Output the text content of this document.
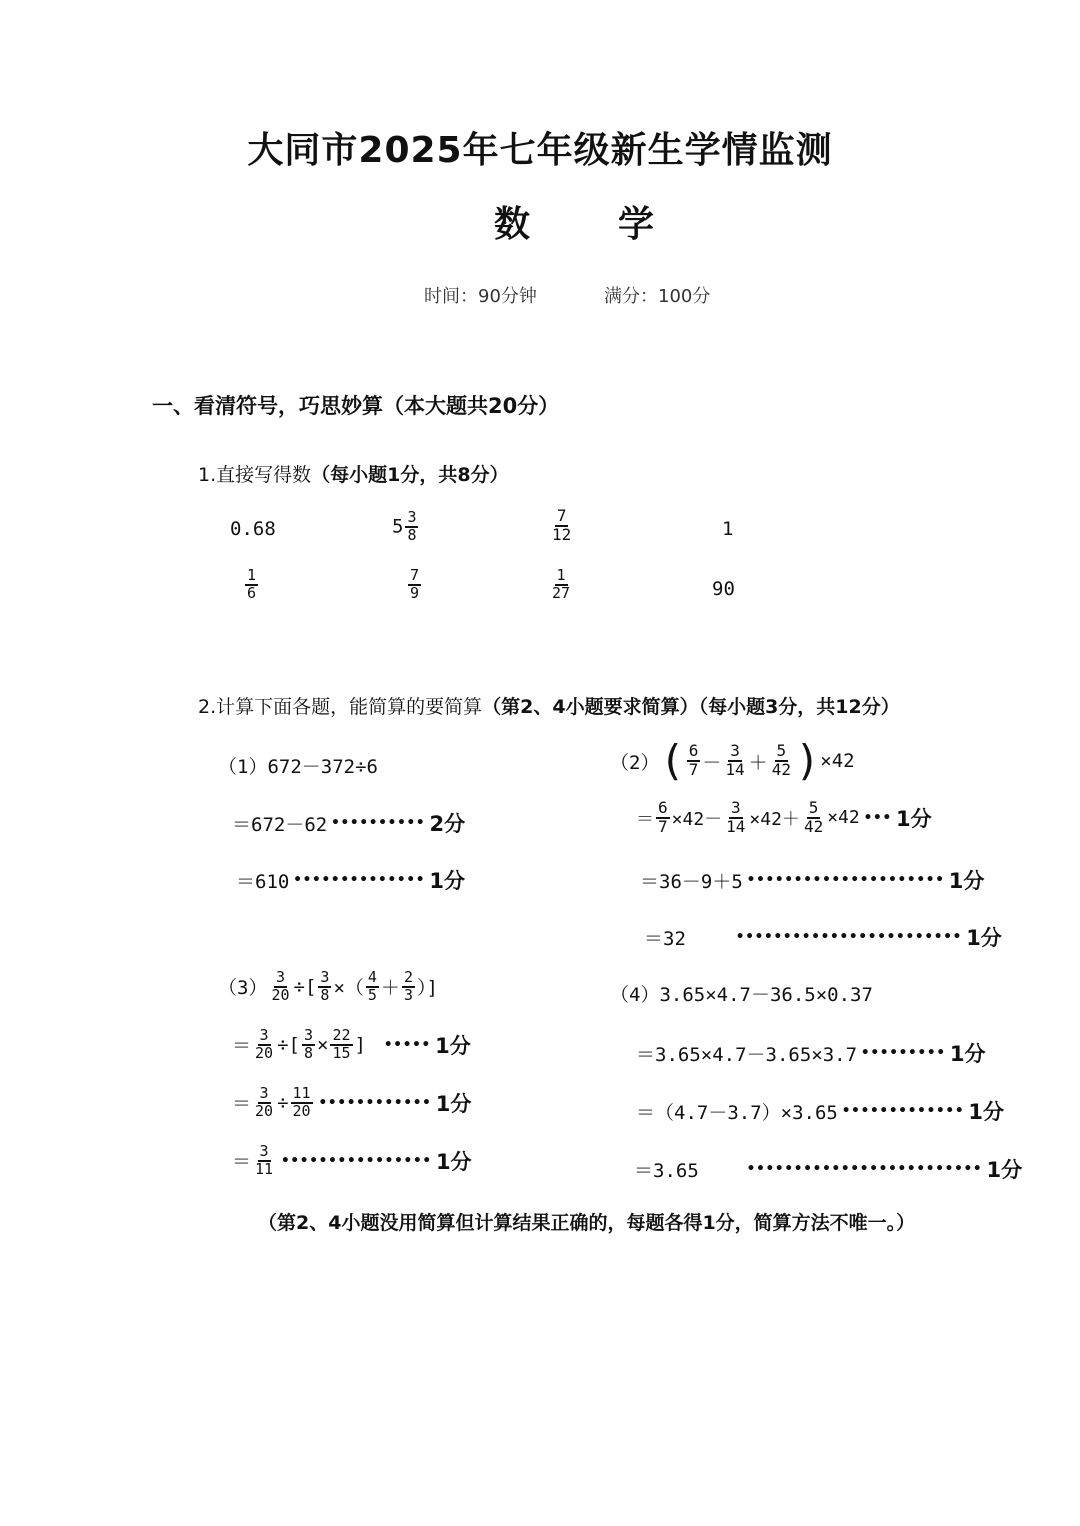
大同市2025年七年级新生学情监测
数 学
时间：90分钟	满分：100分
一、看清符号，巧思妙算（本大题共20分）
1.直接写得数（每小题1分，共8分）
0.68	$5 \frac{3}{8}$	$\frac{7}{12}$	1
$\frac{1}{6}$	$\frac{7}{9}$	$\frac{1}{27}$	90
2.计算下面各题，能简算的要简算（第2、4小题要求简算）（每小题3分，共12分）
（1）672－372÷6
＝672－62 •••••••••• 2分
＝610 •••••••••••••• 1分
（2） ( $\frac{6}{7} - \frac{3}{14} + \frac{5}{42}$ ) ×42
＝ $\frac{6}{7} \times 42- \frac{3}{14} \times 42+ \frac{5}{42} \times 42$ ••• 1分
＝36－9＋5 ••••••••••••••••••••• 1分
＝32	•••••••••••••••••••••••• 1分
$(3) \frac{3}{20}$ ÷[ $\frac{3}{8}$ ×（ $\frac{4}{5} + \frac{2}{3}$ ）]
＝ $\frac{3}{20}$ ÷[ $\frac{3}{8} \times \frac{22}{15}$ ] ••••• 1分
＝ $\frac{3}{20} \div \frac{11}{20}$ •••••••••••• 1分
＝ $\frac{3}{11}$ •••••••••••••••• 1分
（4）3.65×4.7－36.5×0.37
＝3.65×4.7－3.65×3.7 ••••••••• 1分
＝（4.7－3.7）×3.65 ••••••••••••• 1分
＝3.65	••••••••••••••••••••••••• 1分
（第2、4小题没用简算但计算结果正确的，每题各得1分，简算方法不唯一。）
